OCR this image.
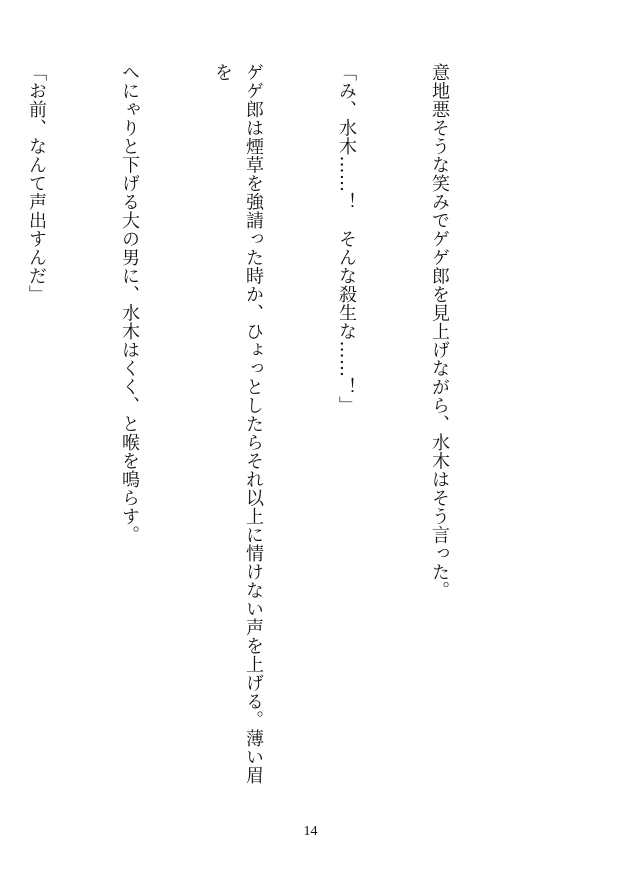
意地悪そうな笑みでゲゲ郎を見上げながら、水木はそう言った。

「み、水木……！　そんな殺生な……！」

ゲゲ郎は煙草を強請った時か、ひょっとしたらそれ以上に情けない声を上げる。薄い眉を

へにゃりと下げる大の男に、水木はくく、と喉を鳴らす。

「お前、なんて声出すんだ」

14
